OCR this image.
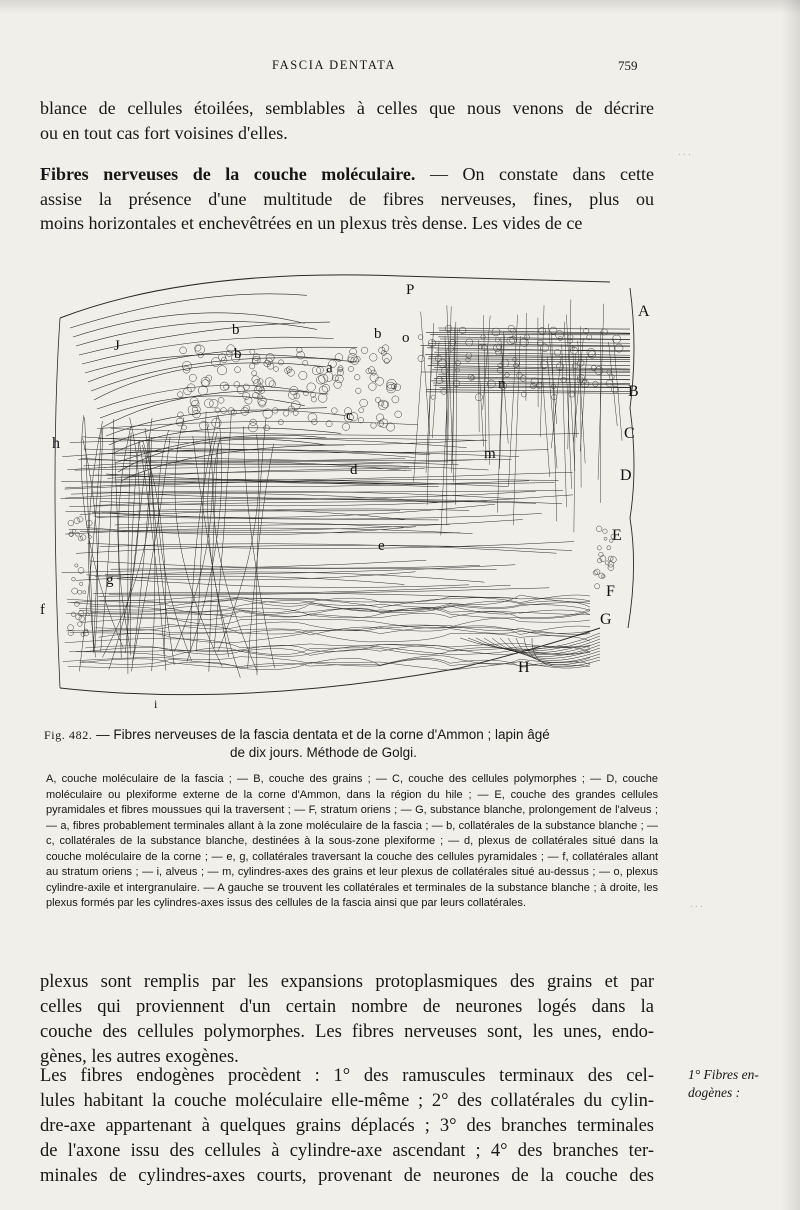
FASCIA DENTATA	759
blance de cellules étoilées, semblables à celles que nous venons de décrire
ou en tout cas fort voisines d'elles.
Fibres nerveuses de la couche moléculaire. — On constate dans cette
assise la présence d'une multitude de fibres nerveuses, fines, plus ou
moins horizontales et enchevêtrées en un plexus très dense. Les vides de ce
A
B
C
D
E
F
G
H
a
b
b
b
c
d
e
f
g
h
i
J
m
n
o
P
Fig. 482. — Fibres nerveuses de la fascia dentata et de la corne d'Ammon ; lapin âgé
de dix jours. Méthode de Golgi.
A, couche moléculaire de la fascia ; — B, couche des grains ; — C, couche des cellules polymorphes ; — D, couche moléculaire ou plexiforme externe de la corne d'Ammon, dans la région du hile ; — E, couche des grandes cellules pyramidales et fibres moussues qui la traversent ; — F, stratum oriens ; — G, substance blanche, prolongement de l'alveus ; — a, fibres probablement terminales allant à la zone moléculaire de la fascia ; — b, collatérales de la substance blanche ; — c, collatérales de la substance blanche, destinées à la sous-zone plexiforme ; — d, plexus de collatérales situé dans la couche moléculaire de la corne ; — e, g, collatérales traversant la couche des cellules pyramidales ; — f, collatérales allant au stratum oriens ; — i, alveus ; — m, cylindres-axes des grains et leur plexus de collatérales situé au-dessus ; — o, plexus cylindre-axile et intergranulaire. — A gauche se trouvent les collatérales et terminales de la substance blanche ; à droite, les plexus formés par les cylindres-axes issus des cellules de la fascia ainsi que par leurs collatérales.
plexus sont remplis par les expansions protoplasmiques des grains et par
celles qui proviennent d'un certain nombre de neurones logés dans la
couche des cellules polymorphes. Les fibres nerveuses sont, les unes, endo-
gènes, les autres exogènes.
Les fibres endogènes procèdent : 1° des ramuscules terminaux des cel-
lules habitant la couche moléculaire elle-même ; 2° des collatérales du cylin-
dre-axe appartenant à quelques grains déplacés ; 3° des branches terminales
de l'axone issu des cellules à cylindre-axe ascendant ; 4° des branches ter-
minales de cylindres-axes courts, provenant de neurones de la couche des
1° Fibres en-
dogènes :
· · ·
· · ·
